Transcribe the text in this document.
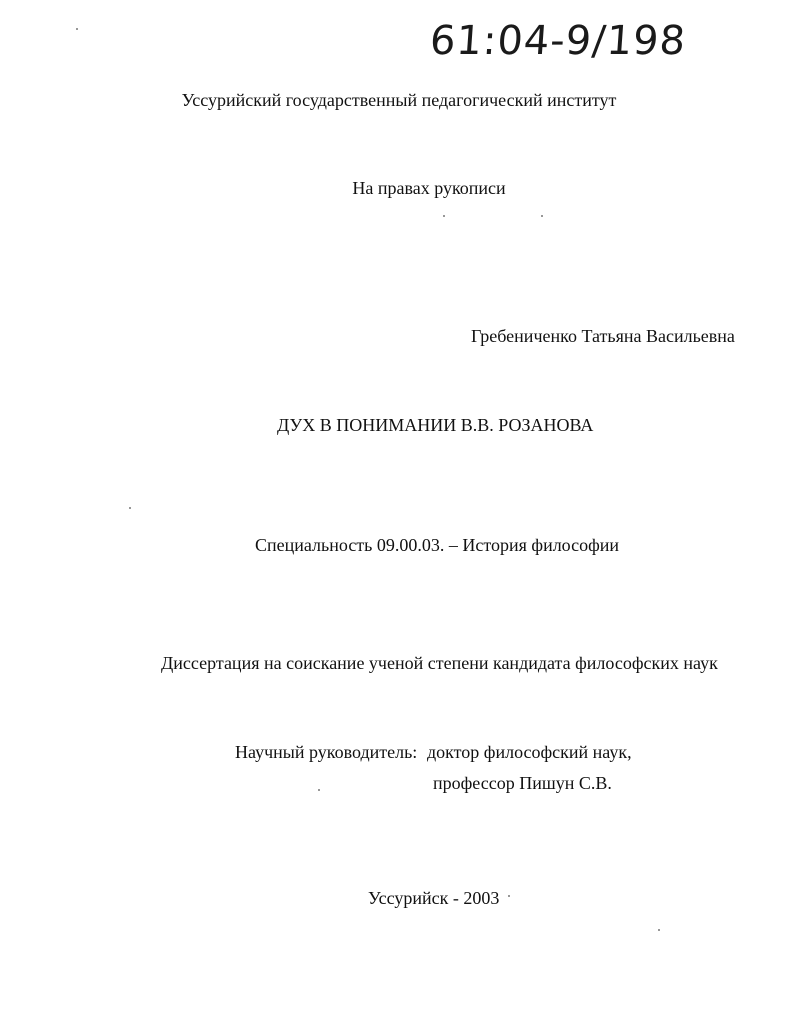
61:04-9/198
Уссурийский государственный педагогический институт
На правах рукописи
Гребениченко Татьяна Васильевна
ДУХ В ПОНИМАНИИ В.В. РОЗАНОВА
Специальность 09.00.03. – История философии
Диссертация на соискание ученой степени кандидата философских наук
Научный руководитель: доктор философский наук,
профессор Пишун С.В.
Уссурийск - 2003
